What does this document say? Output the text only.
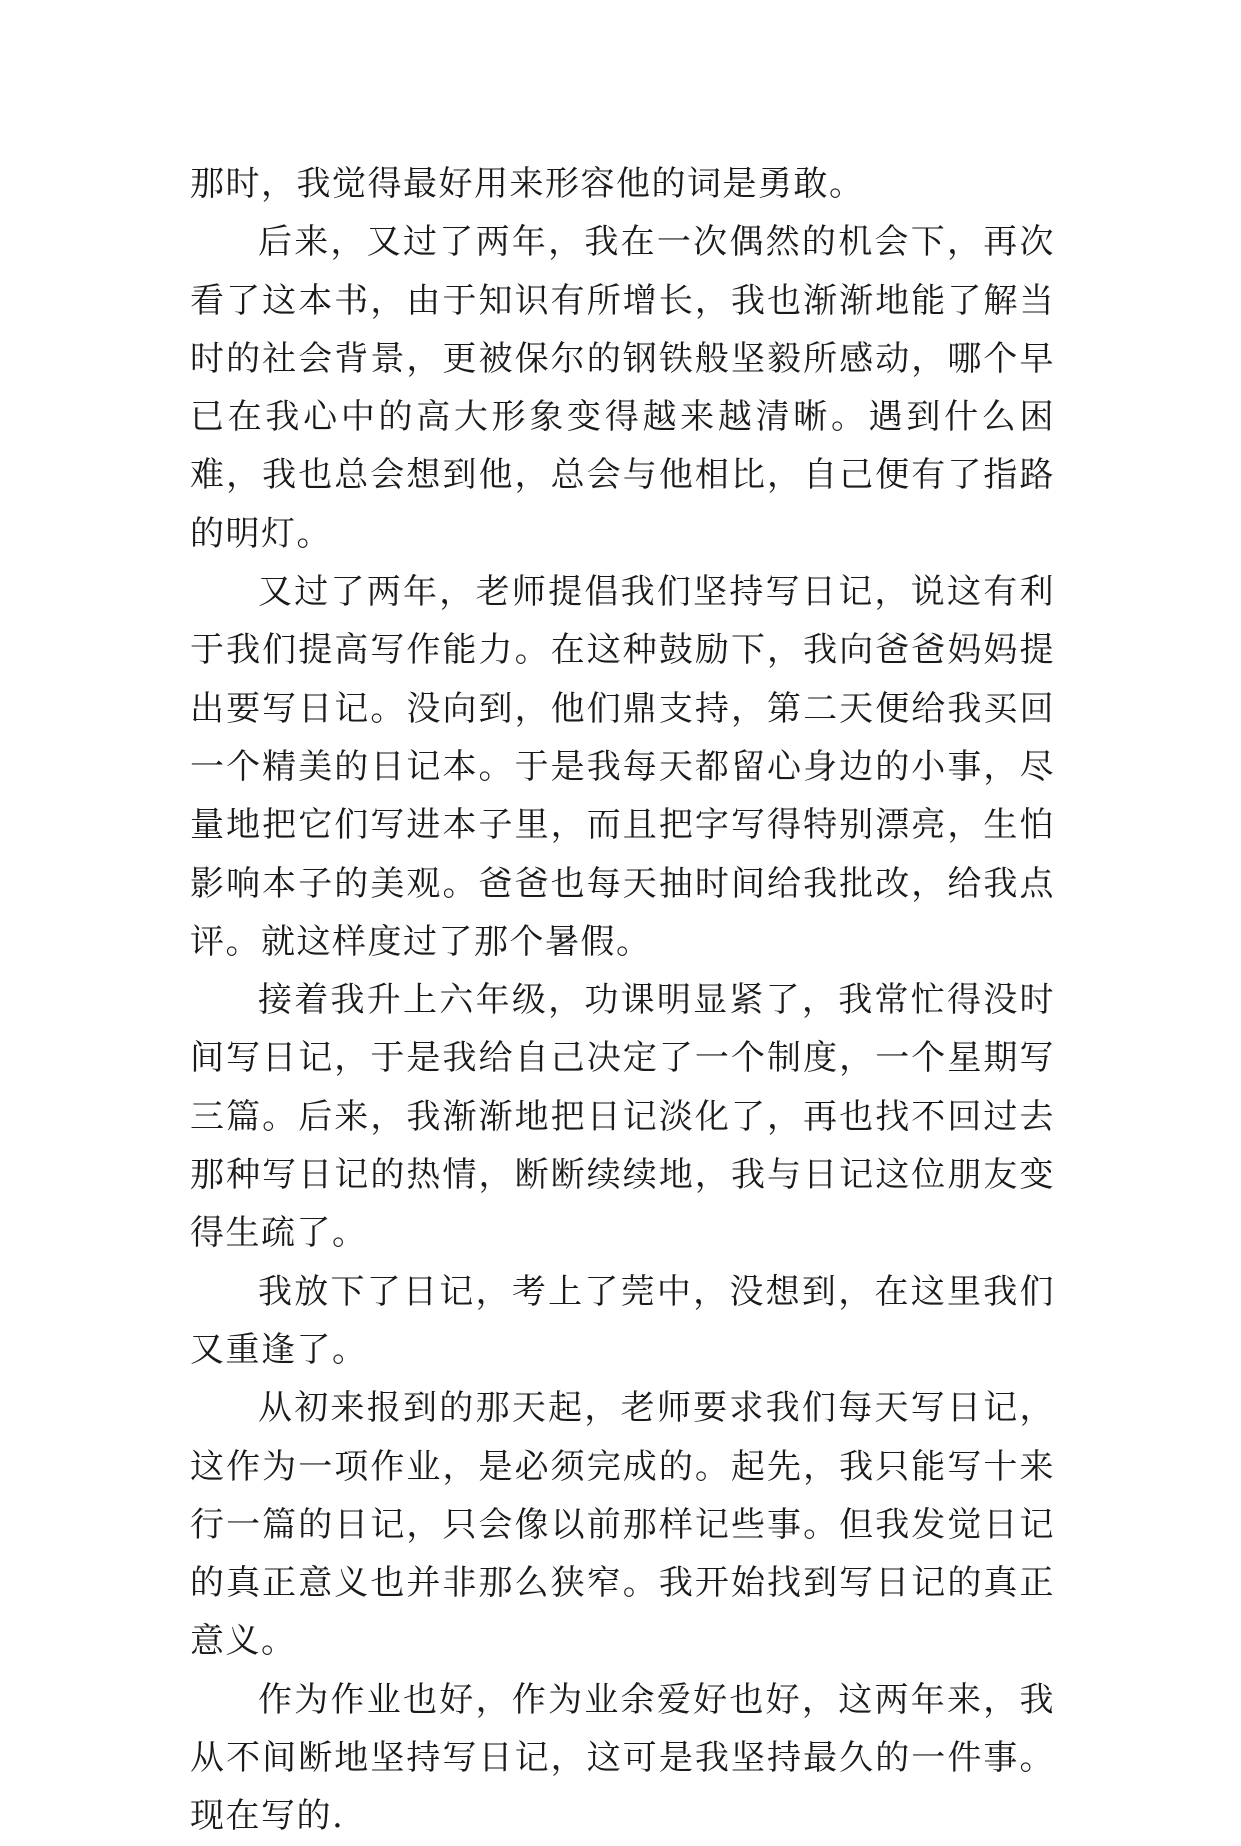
那时，我觉得最好用来形容他的词是勇敢。

后来，又过了两年，我在一次偶然的机会下，再次看了这本书，由于知识有所增长，我也渐渐地能了解当时的社会背景，更被保尔的钢铁般坚毅所感动，哪个早已在我心中的高大形象变得越来越清晰。遇到什么困难，我也总会想到他，总会与他相比，自己便有了指路的明灯。

又过了两年，老师提倡我们坚持写日记，说这有利于我们提高写作能力。在这种鼓励下，我向爸爸妈妈提出要写日记。没向到，他们鼎支持，第二天便给我买回一个精美的日记本。于是我每天都留心身边的小事，尽量地把它们写进本子里，而且把字写得特别漂亮，生怕影响本子的美观。爸爸也每天抽时间给我批改，给我点评。就这样度过了那个暑假。

接着我升上六年级，功课明显紧了，我常忙得没时间写日记，于是我给自己决定了一个制度，一个星期写三篇。后来，我渐渐地把日记淡化了，再也找不回过去那种写日记的热情，断断续续地，我与日记这位朋友变得生疏了。

我放下了日记，考上了莞中，没想到，在这里我们又重逢了。

从初来报到的那天起，老师要求我们每天写日记，这作为一项作业，是必须完成的。起先，我只能写十来行一篇的日记，只会像以前那样记些事。但我发觉日记的真正意义也并非那么狭窄。我开始找到写日记的真正意义。

作为作业也好，作为业余爱好也好，这两年来，我从不间断地坚持写日记，这可是我坚持最久的一件事。现在写的.
